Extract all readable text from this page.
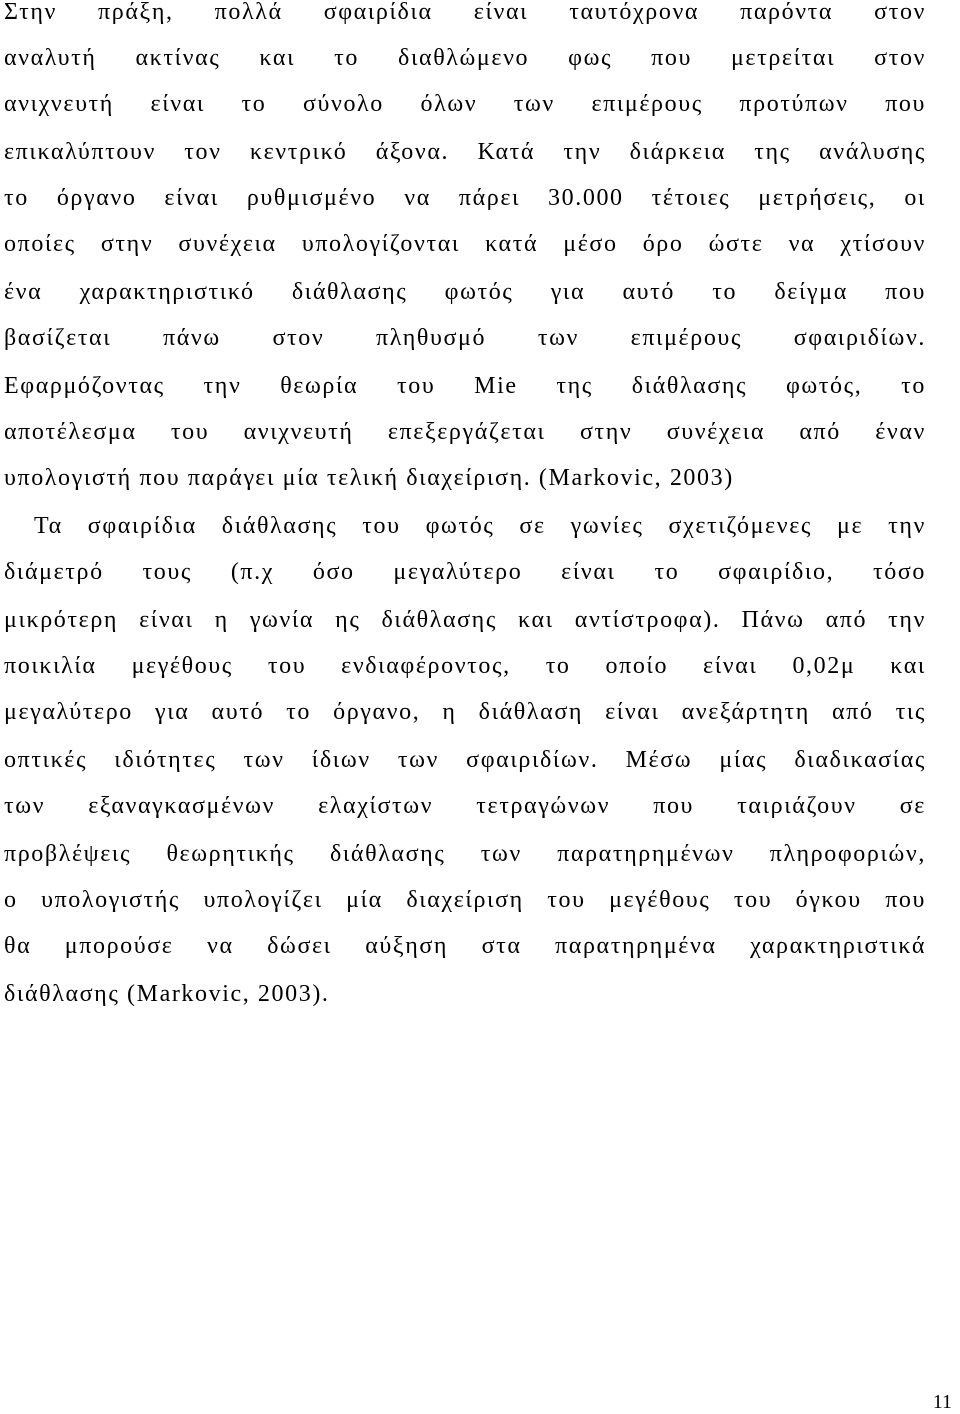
Στην πράξη, πολλά σφαιρίδια είναι ταυτόχρονα παρόντα στον
αναλυτή ακτίνας και το διαθλώμενο φως που μετρείται στον
ανιχνευτή είναι το σύνολο όλων των επιμέρους προτύπων που
επικαλύπτουν τον κεντρικό άξονα. Κατά την διάρκεια της ανάλυσης
το όργανο είναι ρυθμισμένο να πάρει 30.000 τέτοιες μετρήσεις, οι
οποίες στην συνέχεια υπολογίζονται κατά μέσο όρο ώστε να χτίσουν
ένα χαρακτηριστικό διάθλασης φωτός για αυτό το δείγμα που
βασίζεται πάνω στον πληθυσμό των επιμέρους σφαιριδίων.
Εφαρμόζοντας την θεωρία του Mie της διάθλασης φωτός, το
αποτέλεσμα του ανιχνευτή επεξεργάζεται στην συνέχεια από έναν
υπολογιστή που παράγει μία τελική διαχείριση. (Markovic, 2003)
Τα σφαιρίδια διάθλασης του φωτός σε γωνίες σχετιζόμενες με την
διάμετρό τους (π.χ όσο μεγαλύτερο είναι το σφαιρίδιο, τόσο
μικρότερη είναι η γωνία ης διάθλασης και αντίστροφα). Πάνω από την
ποικιλία μεγέθους του ενδιαφέροντος, το οποίο είναι 0,02μ και
μεγαλύτερο για αυτό το όργανο, η διάθλαση είναι ανεξάρτητη από τις
οπτικές ιδιότητες των ίδιων των σφαιριδίων. Μέσω μίας διαδικασίας
των εξαναγκασμένων ελαχίστων τετραγώνων που ταιριάζουν σε
προβλέψεις θεωρητικής διάθλασης των παρατηρημένων πληροφοριών,
ο υπολογιστής υπολογίζει μία διαχείριση του μεγέθους του όγκου που
θα μπορούσε να δώσει αύξηση στα παρατηρημένα χαρακτηριστικά
διάθλασης (Markovic, 2003).
11
